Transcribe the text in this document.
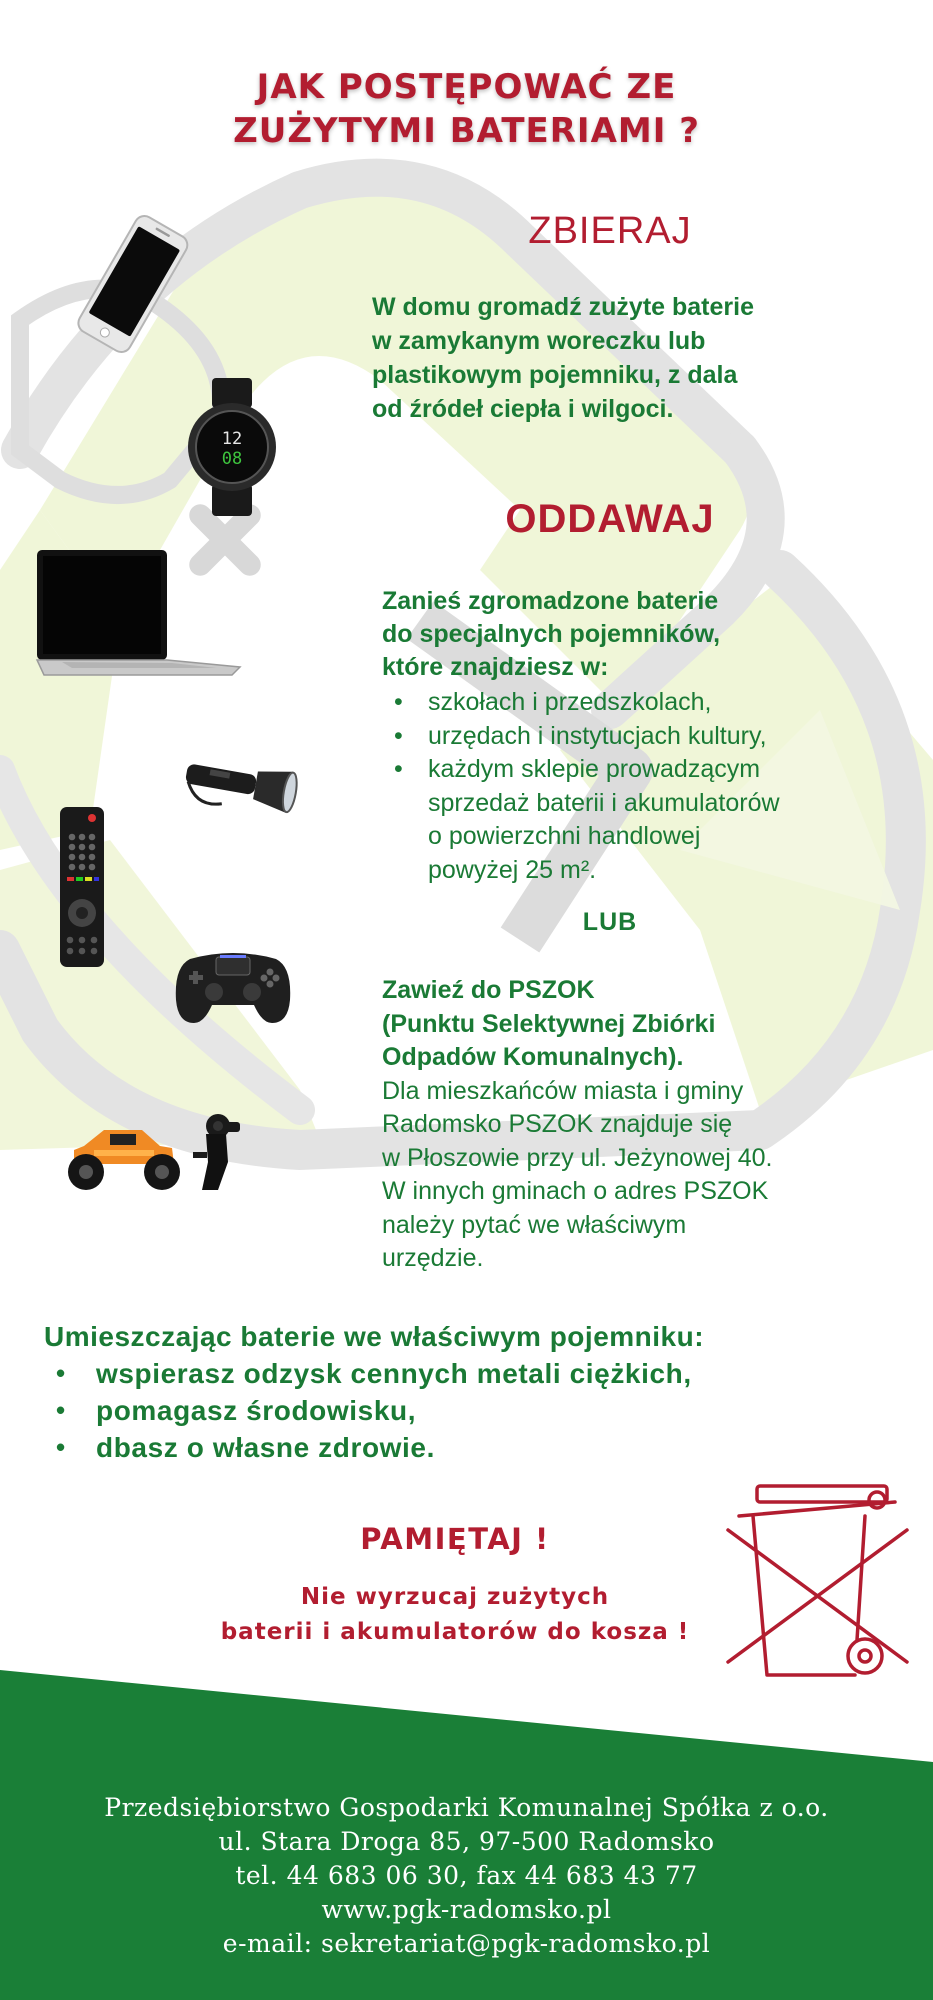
JAK POSTĘPOWAĆ ZE
ZUŻYTYMI BATERIAMI ?
12
08
ZBIERAJ
W domu gromadź zużyte baterie
w zamykanym woreczku lub
plastikowym pojemniku, z dala
od źródeł ciepła i wilgoci.
ODDAWAJ
Zanieś zgromadzone baterie
do specjalnych pojemników,
które znajdziesz w:
• szkołach i przedszkolach,
• urzędach i instytucjach kultury,
• każdym sklepie prowadzącym
sprzedaż baterii i akumulatorów
o powierzchni handlowej
powyżej 25 m².
LUB
Zawieź do PSZOK
(Punktu Selektywnej Zbiórki
Odpadów Komunalnych).
Dla mieszkańców miasta i gminy
Radomsko PSZOK znajduje się
w Płoszowie przy ul. Jeżynowej 40.
W innych gminach o adres PSZOK
należy pytać we właściwym
urzędzie.
Umieszczając baterie we właściwym pojemniku:
• wspierasz odzysk cennych metali ciężkich,
• pomagasz środowisku,
• dbasz o własne zdrowie.
PAMIĘTAJ !
Nie wyrzucaj zużytych
baterii i akumulatorów do kosza !
Przedsiębiorstwo Gospodarki Komunalnej Spółka z o.o.
ul. Stara Droga 85, 97-500 Radomsko
tel. 44 683 06 30, fax 44 683 43 77
www.pgk-radomsko.pl
e-mail: sekretariat@pgk-radomsko.pl
